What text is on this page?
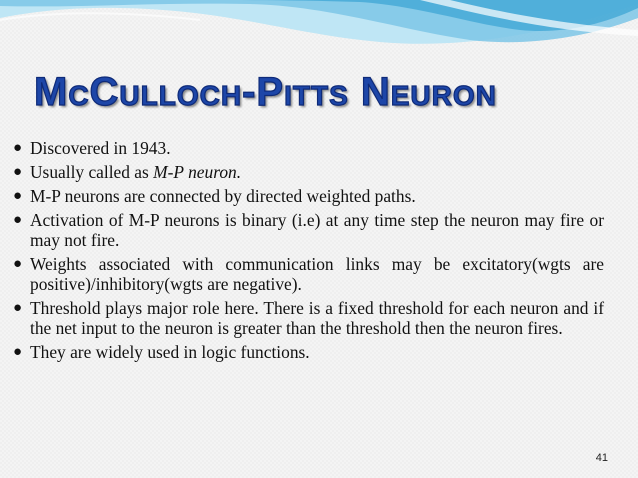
McCulloch-Pitts Neuron
● Discovered in 1943.
● Usually called as M-P neuron.
● M-P neurons are connected by directed weighted paths.
● Activation of M-P neurons is binary (i.e) at any time step the neuron may fire or may not fire.
● Weights associated with communication links may be excitatory(wgts are positive)/inhibitory(wgts are negative).
● Threshold plays major role here. There is a fixed threshold for each neuron and if the net input to the neuron is greater than the threshold then the neuron fires.
● They are widely used in logic functions.
41
